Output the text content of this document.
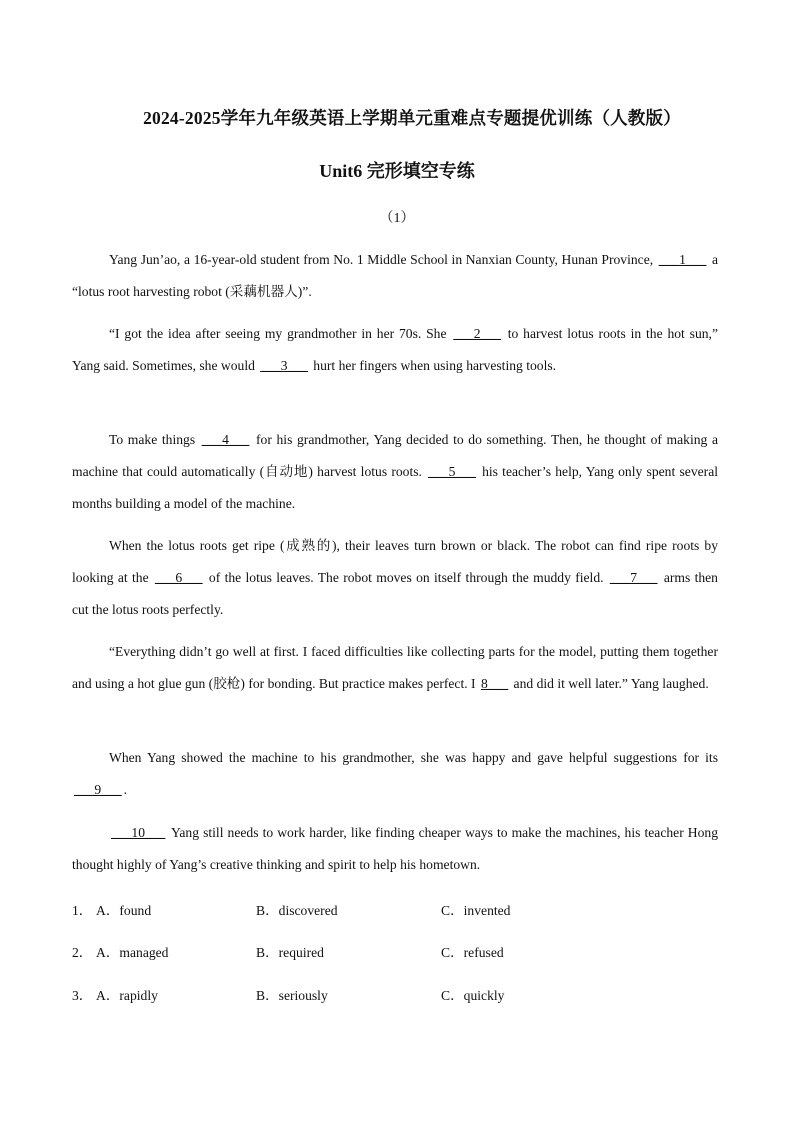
2024-2025学年九年级英语上学期单元重难点专题提优训练（人教版）
Unit6 完形填空专练
（1）
Yang Jun’ao, a 16-year-old student from No. 1 Middle School in Nanxian County, Hunan Province, ___1___ a “lotus root harvesting robot (采藕机器人)”.
“I got the idea after seeing my grandmother in her 70s. She ___2___ to harvest lotus roots in the hot sun,” Yang said. Sometimes, she would ___3___ hurt her fingers when using harvesting tools.
To make things ___4___ for his grandmother, Yang decided to do something. Then, he thought of making a machine that could automatically (自动地) harvest lotus roots. ___5___ his teacher’s help, Yang only spent several months building a model of the machine.
When the lotus roots get ripe (成熟的), their leaves turn brown or black. The robot can find ripe roots by looking at the ___6___ of the lotus leaves. The robot moves on itself through the muddy field. ___7___ arms then cut the lotus roots perfectly.
“Everything didn’t go well at first. I faced difficulties like collecting parts for the model, putting them together and using a hot glue gun (胶枪) for bonding. But practice makes perfect. I 8___ and did it well later.” Yang laughed.
When Yang showed the machine to his grandmother, she was happy and gave helpful suggestions for its ___9___ .
___10___ Yang still needs to work harder, like finding cheaper ways to make the machines, his teacher Hong thought highly of Yang’s creative thinking and spirit to help his hometown.
1． A．found	B．discovered	C．invented
2． A．managed	B．required	C．refused
3． A．rapidly	B．seriously	C．quickly
